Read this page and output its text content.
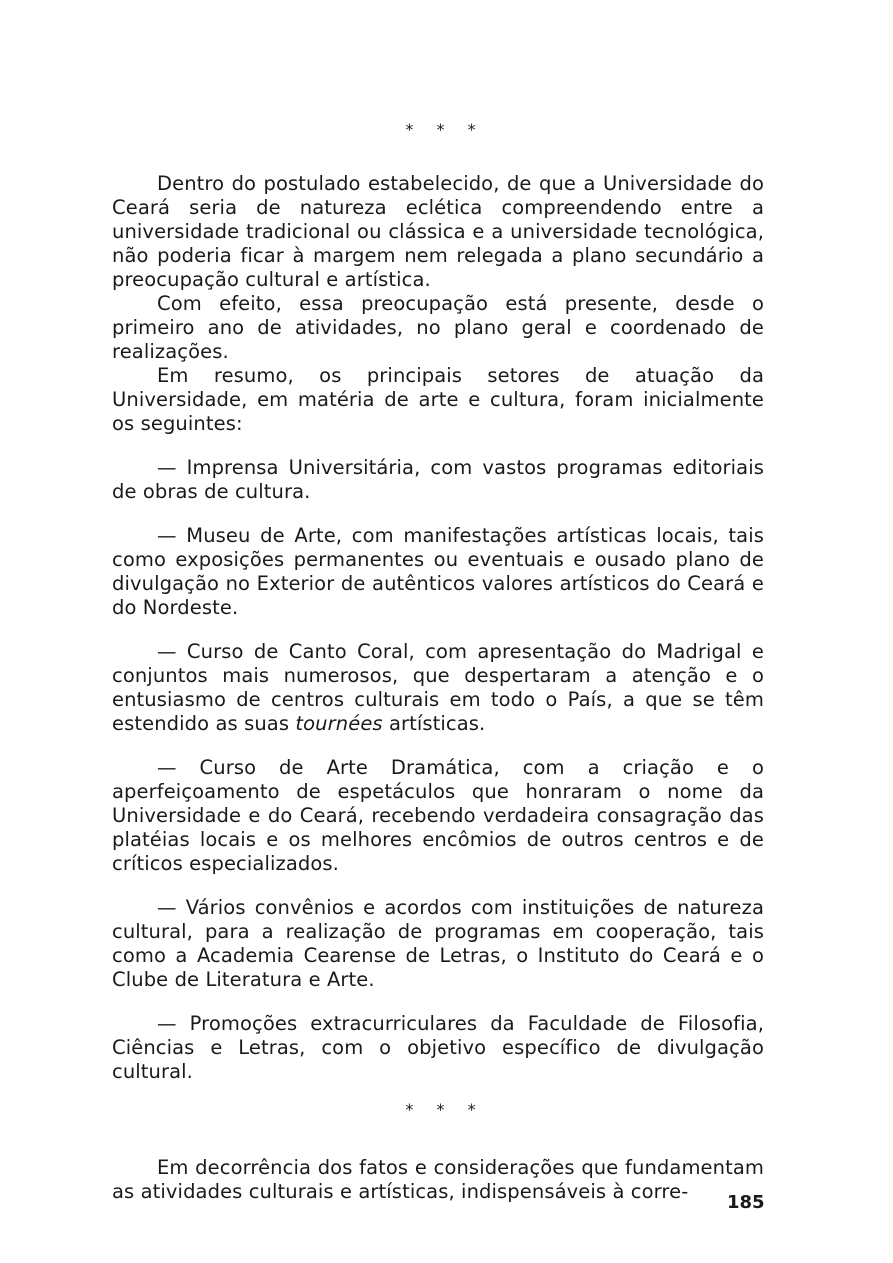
* * *

Dentro do postulado estabelecido, de que a Universidade do Ceará seria de natureza eclética compreendendo entre a universidade tradicional ou clássica e a universidade tecnológica, não poderia ficar à margem nem relegada a plano secundário a preocupação cultural e artística.

Com efeito, essa preocupação está presente, desde o primeiro ano de atividades, no plano geral e coordenado de realizações.

Em resumo, os principais setores de atuação da Universidade, em matéria de arte e cultura, foram inicialmente os seguintes:

— Imprensa Universitária, com vastos programas editoriais de obras de cultura.

— Museu de Arte, com manifestações artísticas locais, tais como exposições permanentes ou eventuais e ousado plano de divulgação no Exterior de autênticos valores artísticos do Ceará e do Nordeste.

— Curso de Canto Coral, com apresentação do Madrigal e conjuntos mais numerosos, que despertaram a atenção e o entusiasmo de centros culturais em todo o País, a que se têm estendido as suas tournées artísticas.

— Curso de Arte Dramática, com a criação e o aperfeiçoamento de espetáculos que honraram o nome da Universidade e do Ceará, recebendo verdadeira consagração das platéias locais e os melhores encômios de outros centros e de críticos especializados.

— Vários convênios e acordos com instituições de natureza cultural, para a realização de programas em cooperação, tais como a Academia Cearense de Letras, o Instituto do Ceará e o Clube de Literatura e Arte.

— Promoções extracurriculares da Faculdade de Filosofia, Ciências e Letras, com o objetivo específico de divulgação cultural.

* * *

Em decorrência dos fatos e considerações que fundamentam as atividades culturais e artísticas, indispensáveis à corre-	185
